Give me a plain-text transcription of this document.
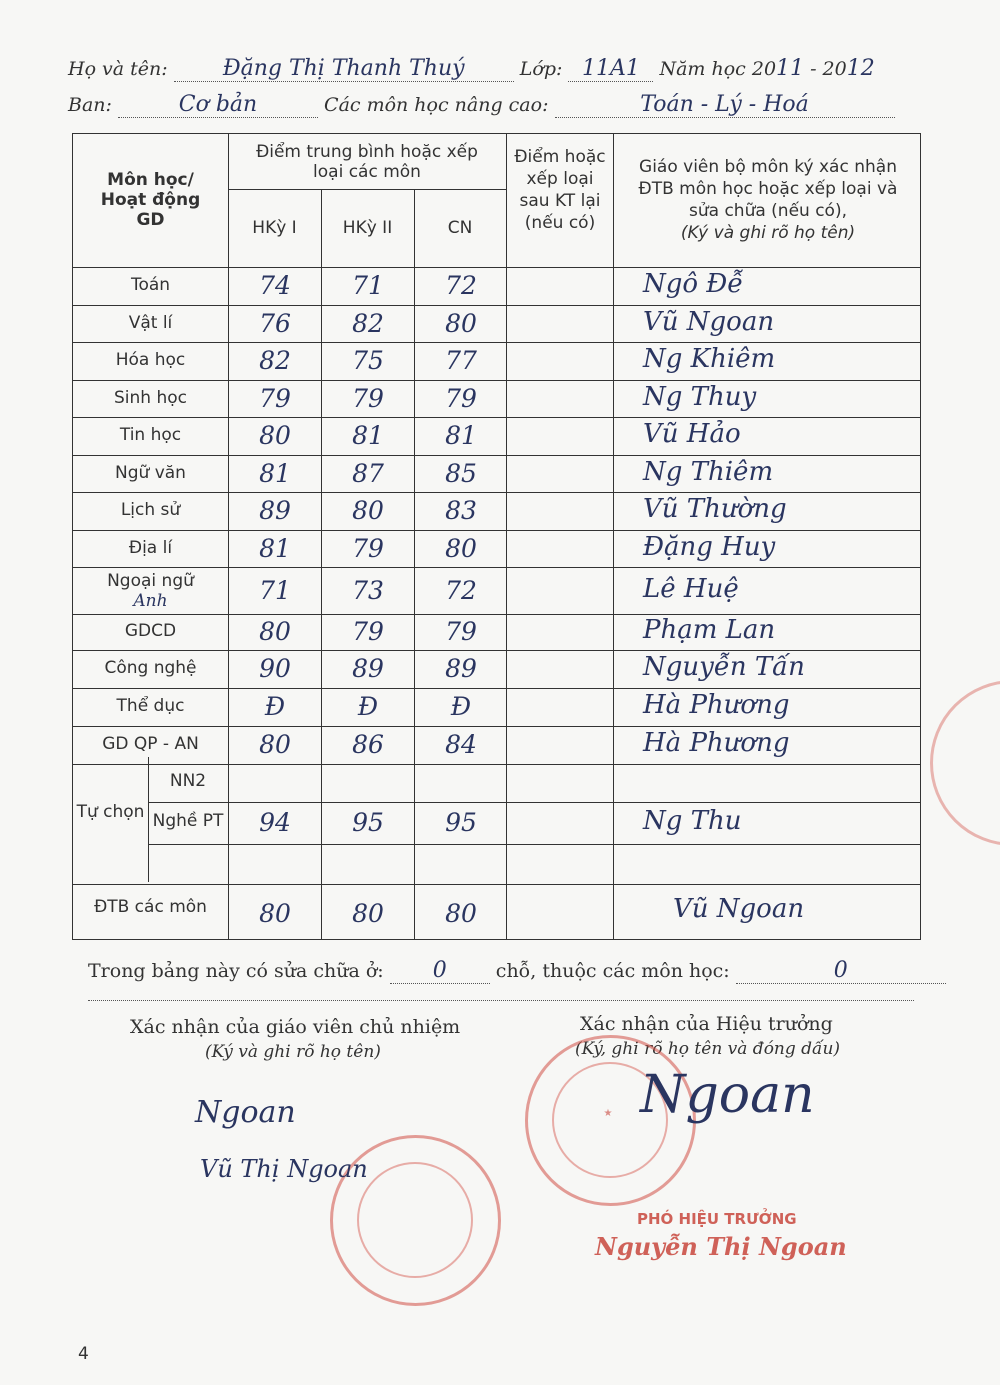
Họ và tên:	Đặng Thị Thanh Thuý	Lớp: 11A1 Năm học 2011 - 2012
Ban:	Cơ bản	Các môn học nâng cao:	Toán - Lý - Hoá
Môn học/ Hoạt động GD
Điểm trung bình hoặc xếp loại các môn
HKỳ I	HKỳ II	CN
Điểm hoặc xếp loại sau KT lại (nếu có)
Giáo viên bộ môn ký xác nhận ĐTB môn học hoặc xếp loại và sửa chữa (nếu có),
(Ký và ghi rõ họ tên)
Toán	74	71	72	Ngô Đễ
Vật lí	76	82	80	Vũ Ngoan
Hóa học	82	75	77	Ng Khiêm
Sinh học	79	79	79	Ng Thuy
Tin học	80	81	81	Vũ Hảo
Ngữ văn	81	87	85	Ng Thiêm
Lịch sử	89	80	83	Vũ Thường
Địa lí	81	79	80	Đặng Huy
Ngoại ngữ
Anh	71	73	72	Lê Huệ
GDCD	80	79	79	Phạm Lan
Công nghệ	90	89	89	Nguyễn Tấn
Thể dục	Đ	Đ	Đ	Hà Phương
GD QP - AN	80	86	84	Hà Phương
Tự chọn
NN2
Nghề PT	94	95	95	Ng Thu
ĐTB các môn	80	80	80	Vũ Ngoan
Trong bảng này có sửa chữa ở: 0	chỗ, thuộc các môn học:	0
Xác nhận của giáo viên chủ nhiệm
(Ký và ghi rõ họ tên)
Xác nhận của Hiệu trưởng
(Ký, ghi rõ họ tên và đóng dấu)
★
Ngoan
Vũ Thị Ngoan
Ngoan
PHÓ HIỆU TRƯỞNG
Nguyễn Thị Ngoan
4
